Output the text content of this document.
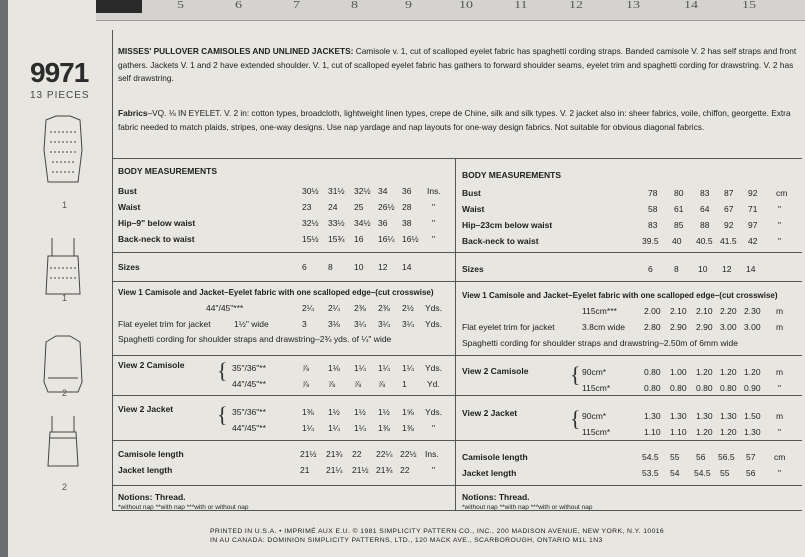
5	6	7	8	9	10	11	12	13	14	15
9971
13 PIECES
1
1
2
2
MISSES' PULLOVER CAMISOLES AND UNLINED JACKETS: Camisole v. 1, cut of scalloped eyelet fabric has spaghetti cording straps. Banded camisole V. 2 has self straps and front gathers. Jackets V. 1 and 2 have extended shoulder. V. 1, cut of scalloped eyelet fabric has gathers to forward shoulder seams, eyelet trim and spaghetti cording for drawstring. V. 2 has self drawstring.
Fabrics–VQ. ⅛ IN EYELET. V. 2 in: cotton types, broadcloth, lightweight linen types, crepe de Chine, silk and silk types. V. 2 jacket also in: sheer fabrics, voile, chiffon, georgette. Extra fabric needed to match plaids, stripes, one-way designs. Use nap yardage and nap layouts for one-way design fabrics. Not suitable for obvious diagonal fabrics.
BODY MEASUREMENTS
Bust	30½ 31½ 32½ 34 36 Ins.
Waist	23 24 25 26½ 28 "
Hip–9" below waist	32½ 33½ 34½ 36 38 "
Back-neck to waist	15½ 15¾ 16 16¼ 16½ "
Sizes	6	8	10 12 14
View 1 Camisole and Jacket–Eyelet fabric with one scalloped edge–(cut crosswise)
44"/45"***	2¼ 2¼ 2⅜ 2⅜ 2½ Yds.
Flat eyelet trim for jacket	1½" wide	3	3⅛ 3¼ 3¼ 3¼ Yds.
Spaghetti cording for shoulder straps and drawstring–2¾ yds. of ¼" wide
View 2 Camisole { 35"/36"**	⅞ 1⅛ 1¼ 1¼ 1¼ Yds.
44"/45"**	⅞ ⅞ ⅞ ⅞ 1 Yd.
View 2 Jacket { 35"/36"**	1⅜ 1½ 1½ 1½ 1⅝ Yds.
44"/45"**	1¼ 1¼ 1¼ 1⅜ 1⅜ "
Camisole length	21½ 21¾ 22 22¼ 22½ Ins.
Jacket length	21 21¼ 21½ 21¾ 22	"
Notions: Thread.
*without nap **with nap ***with or without nap
BODY MEASUREMENTS
Bust	78 80 83 87 92 cm
Waist	58 61 64 67 71 "
Hip–23cm below waist	83 85 88 92 97 "
Back-neck to waist	39.5 40 40.5 41.5 42 "
Sizes	6	8 10 12 14
View 1 Camisole and Jacket–Eyelet fabric with one scalloped edge–(cut crosswise)
115cm***	2.00 2.10 2.10 2.20 2.30 m
Flat eyelet trim for jacket	3.8cm wide 2.80 2.90 2.90 3.00 3.00 m
Spaghetti cording for shoulder straps and drawstring–2.50m of 6mm wide
View 2 Camisole { 90cm*	0.80 1.00 1.20 1.20 1.20 m
115cm*	0.80 0.80 0.80 0.80 0.90 "
View 2 Jacket { 90cm*	1.30 1.30 1.30 1.30 1.50 m
115cm*	1.10 1.10 1.20 1.20 1.30 "
Camisole length	54.5 55 56 56.5 57 cm
Jacket length	53.5 54 54.5 55 56	"
Notions: Thread.
*without nap **with nap ***with or without nap
PRINTED IN U.S.A. • IMPRIMÉ AUX E.U. © 1981 SIMPLICITY PATTERN CO., INC., 200 MADISON AVENUE, NEW YORK, N.Y. 10016
IN AU CANADA: DOMINION SIMPLICITY PATTERNS, LTD., 120 MACK AVE., SCARBOROUGH, ONTARIO M1L 1N3
